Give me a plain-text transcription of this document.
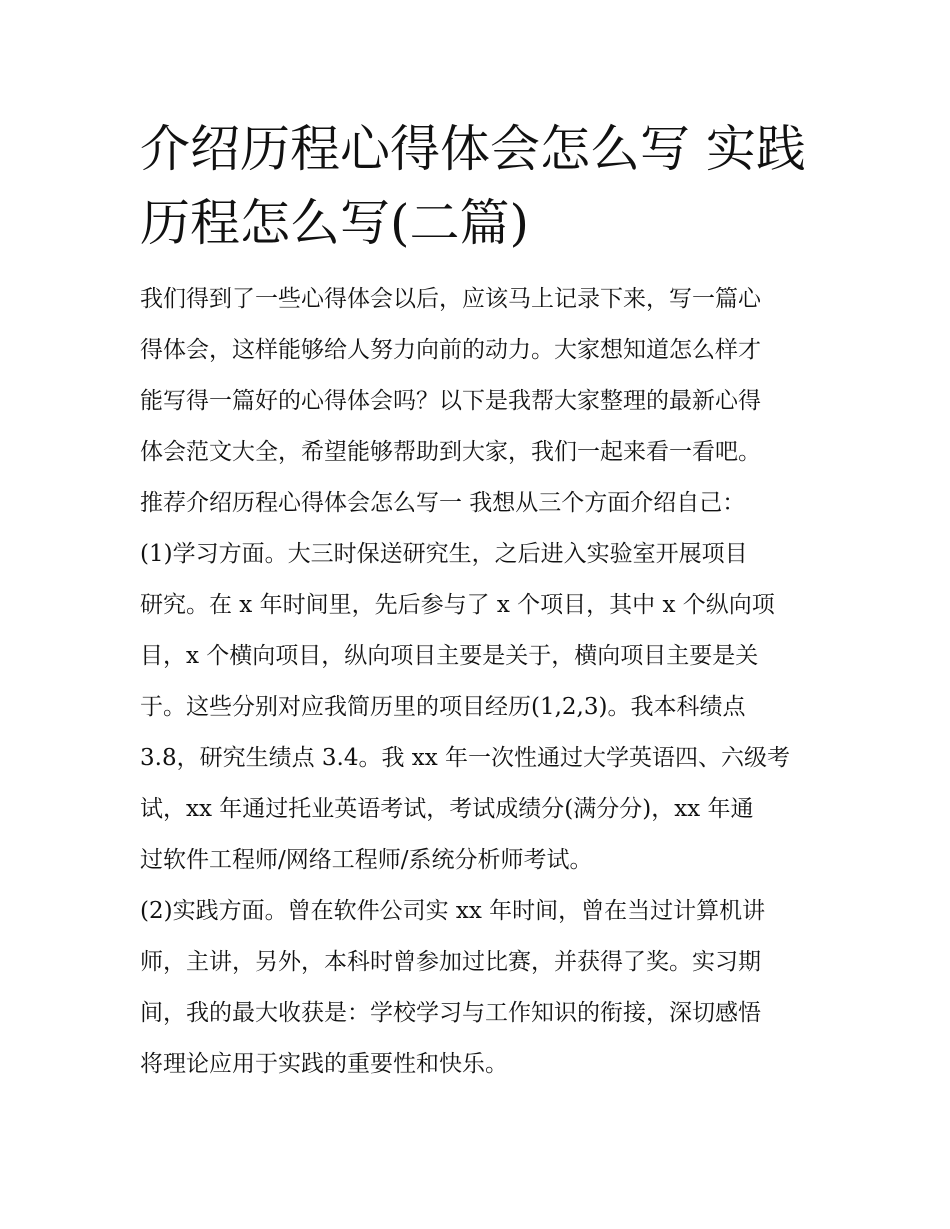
介绍历程心得体会怎么写 实践
历程怎么写(二篇)
我们得到了一些心得体会以后，应该马上记录下来，写一篇心
得体会，这样能够给人努力向前的动力。大家想知道怎么样才
能写得一篇好的心得体会吗？以下是我帮大家整理的最新心得
体会范文大全，希望能够帮助到大家，我们一起来看一看吧。
推荐介绍历程心得体会怎么写一 我想从三个方面介绍自己：
(1)学习方面。大三时保送研究生，之后进入实验室开展项目
研究。在 x 年时间里，先后参与了 x 个项目，其中 x 个纵向项
目，x 个横向项目，纵向项目主要是关于，横向项目主要是关
于。这些分别对应我简历里的项目经历(1,2,3)。我本科绩点
3.8，研究生绩点 3.4。我 xx 年一次性通过大学英语四、六级考
试，xx 年通过托业英语考试，考试成绩分(满分分)，xx 年通
过软件工程师/网络工程师/系统分析师考试。
(2)实践方面。曾在软件公司实 xx 年时间，曾在当过计算机讲
师，主讲，另外，本科时曾参加过比赛，并获得了奖。实习期
间，我的最大收获是：学校学习与工作知识的衔接，深切感悟
将理论应用于实践的重要性和快乐。
